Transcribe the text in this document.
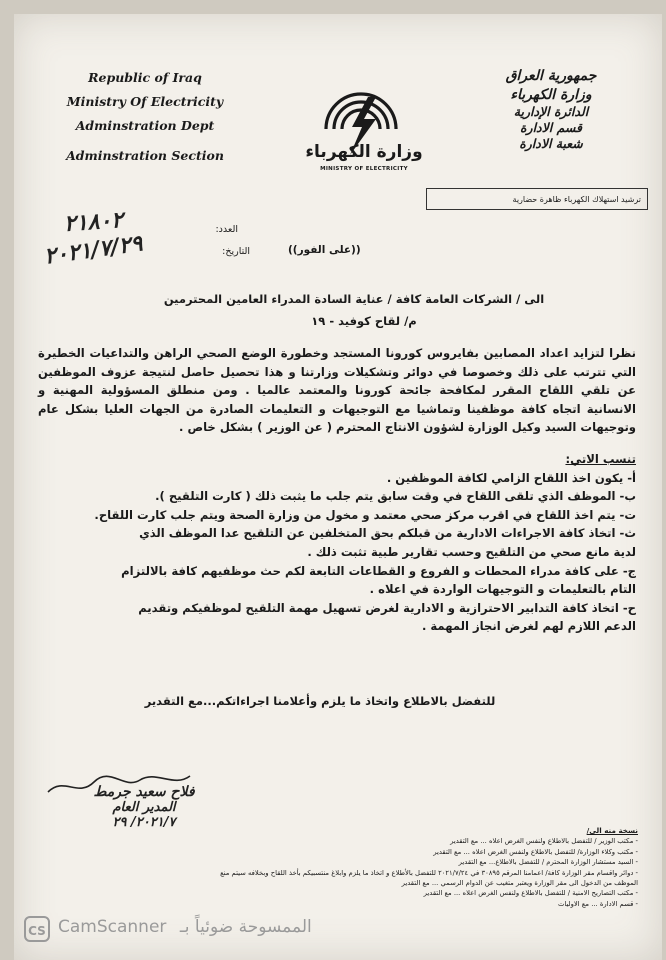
Republic of Iraq
Ministry Of Electricity
Adminstration Dept
Adminstration Section
جمهورية العراق
وزارة الكهرباء
الدائرة الإدارية
قسم الادارة
شعبة الادارة
وزارة الكهرباء
MINISTRY OF ELECTRICITY
ترشيد استهلاك الكهرباء ظاهرة حضارية
العدد:
٢١٨٠٢
التاريخ:
٢٠٢١/٧/٢٩	((على الفور))
الى / الشركات العامة كافة / عناية السادة المدراء العامين المحترمين
م/ لقاح كوفيد - ١٩
نظرا لتزايد اعداد المصابين بفايروس كورونا المستجد وخطورة الوضع الصحي الراهن والتداعيات الخطيرة التي تترتب على ذلك وخصوصا في دوائر وتشكيلات وزارتنا و هذا تحصيل حاصل لنتيجة عزوف الموظفين عن تلقي اللقاح المقرر لمكافحة جائحة كورونا والمعتمد عالميا . ومن منطلق المسؤولية المهنية و الانسانية اتجاه كافة موظفينا وتماشيا مع التوجيهات و التعليمات الصادرة من الجهات العليا بشكل عام وتوجيهات السيد وكيل الوزارة لشؤون الانتاج المحترم ( عن الوزير ) بشكل خاص .
تنسب الاتي:
أ- يكون اخذ اللقاح الزامي لكافة الموظفين .
ب- الموظف الذي تلقى اللقاح في وقت سابق يتم جلب ما يثبت ذلك ( كارت التلقيح ).
ت- يتم اخذ اللقاح في اقرب مركز صحي معتمد و مخول من وزارة الصحة ويتم جلب كارت اللقاح.
ث- اتخاذ كافة الاجراءات الادارية من قبلكم بحق المتخلفين عن التلقيح عدا الموظف الذي
لدية مانع صحي من التلقيح وحسب تقارير طبية تثبت ذلك .
ج- على كافة مدراء المحطات و الفروع و القطاعات التابعة لكم حث موظفيهم كافة بالالتزام
التام بالتعليمات و التوجيهات الواردة في اعلاه .
ح- اتخاذ كافة التدابير الاحترازية و الادارية لغرض تسهيل مهمة التلقيح لموظفيكم وتقديم
الدعم اللازم لهم لغرض انجاز المهمة .
للتفضل بالاطلاع واتخاذ ما يلزم وأعلامنا اجراءاتكم...مع التقدير
فلاح سعيد جرمط
المدير العام
٢٠٢١/٧/ ٢٩
نسخة منه الى/
- مكتب الوزير / للتفضل بالاطلاع ولنفس الغرض اعلاه ... مع التقدير
- مكتب وكلاء الوزارة/ للتفضل بالاطلاع ولنفس الغرض اعلاه ... مع التقدير
- السيد مستشار الوزارة المحترم / للتفضل بالاطلاع... مع التقدير
- دوائر واقسام مقر الوزارة كافة/ اعمامنا المرقم ٣٠٨٩٥ في ٢٠٢١/٧/٢٤ للتفضل بالأطلاع و اتخاذ ما يلزم وابلاغ منتسبيكم بأخذ اللقاح وبخلافه سيتم منع
الموظف من الدخول الى مقر الوزارة ويعتبر متغيب عن الدوام الرسمي ... مع التقدير
- مكتب التصاريح الامنية / للتفضل بالاطلاع ولنفس الغرض اعلاه ... مع التقدير
- قسم الادارة ... مع الاوليات
CS CamScanner الممسوحة ضوئياً بـ
